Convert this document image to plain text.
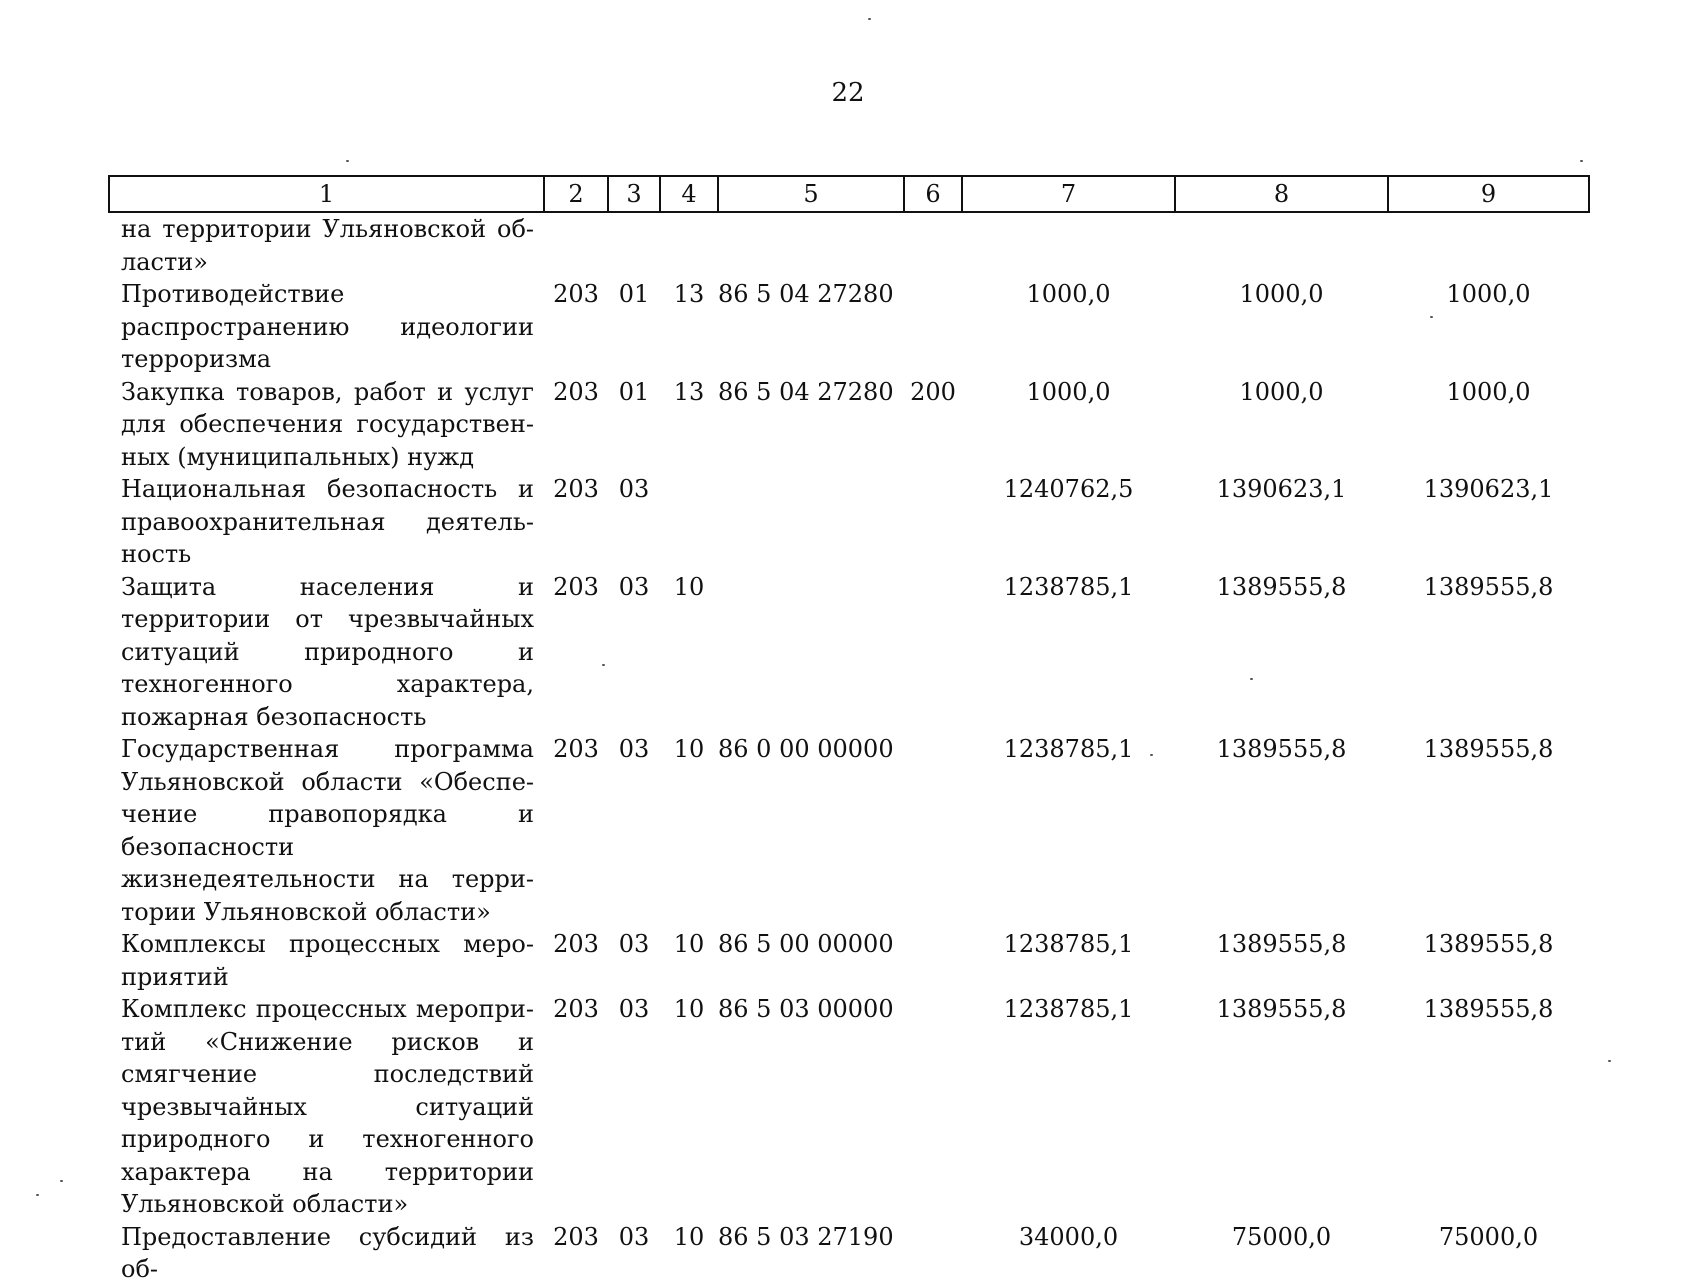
22
1	2	3	4	5	6	7	8	9
на территории Ульяновской области»								
Противодействие распространению идеологии терроризма	203	01	13	86 5 04 27280		1000,0	1000,0	1000,0
Закупка товаров, работ и услуг для обеспечения государственных (муниципальных) нужд	203	01	13	86 5 04 27280	200	1000,0	1000,0	1000,0
Национальная безопасность и правоохранительная деятельность	203	03				1240762,5	1390623,1	1390623,1
Защита населения и территории от чрезвычайных ситуаций природного и техногенного характера, пожарная безопасность	203	03	10			1238785,1	1389555,8	1389555,8
Государственная программа Ульяновской области «Обеспечение правопорядка и безопасности жизнедеятельности на территории Ульяновской области»	203	03	10	86 0 00 00000		1238785,1	1389555,8	1389555,8
Комплексы процессных мероприятий	203	03	10	86 5 00 00000		1238785,1	1389555,8	1389555,8
Комплекс процессных меропритий «Снижение рисков и смягчение последствий чрезвычайных ситуаций природного и техногенного характера на территории Ульяновской области»	203	03	10	86 5 03 00000		1238785,1	1389555,8	1389555,8
Предоставление субсидий из об-	203	03	10	86 5 03 27190		34000,0	75000,0	75000,0
